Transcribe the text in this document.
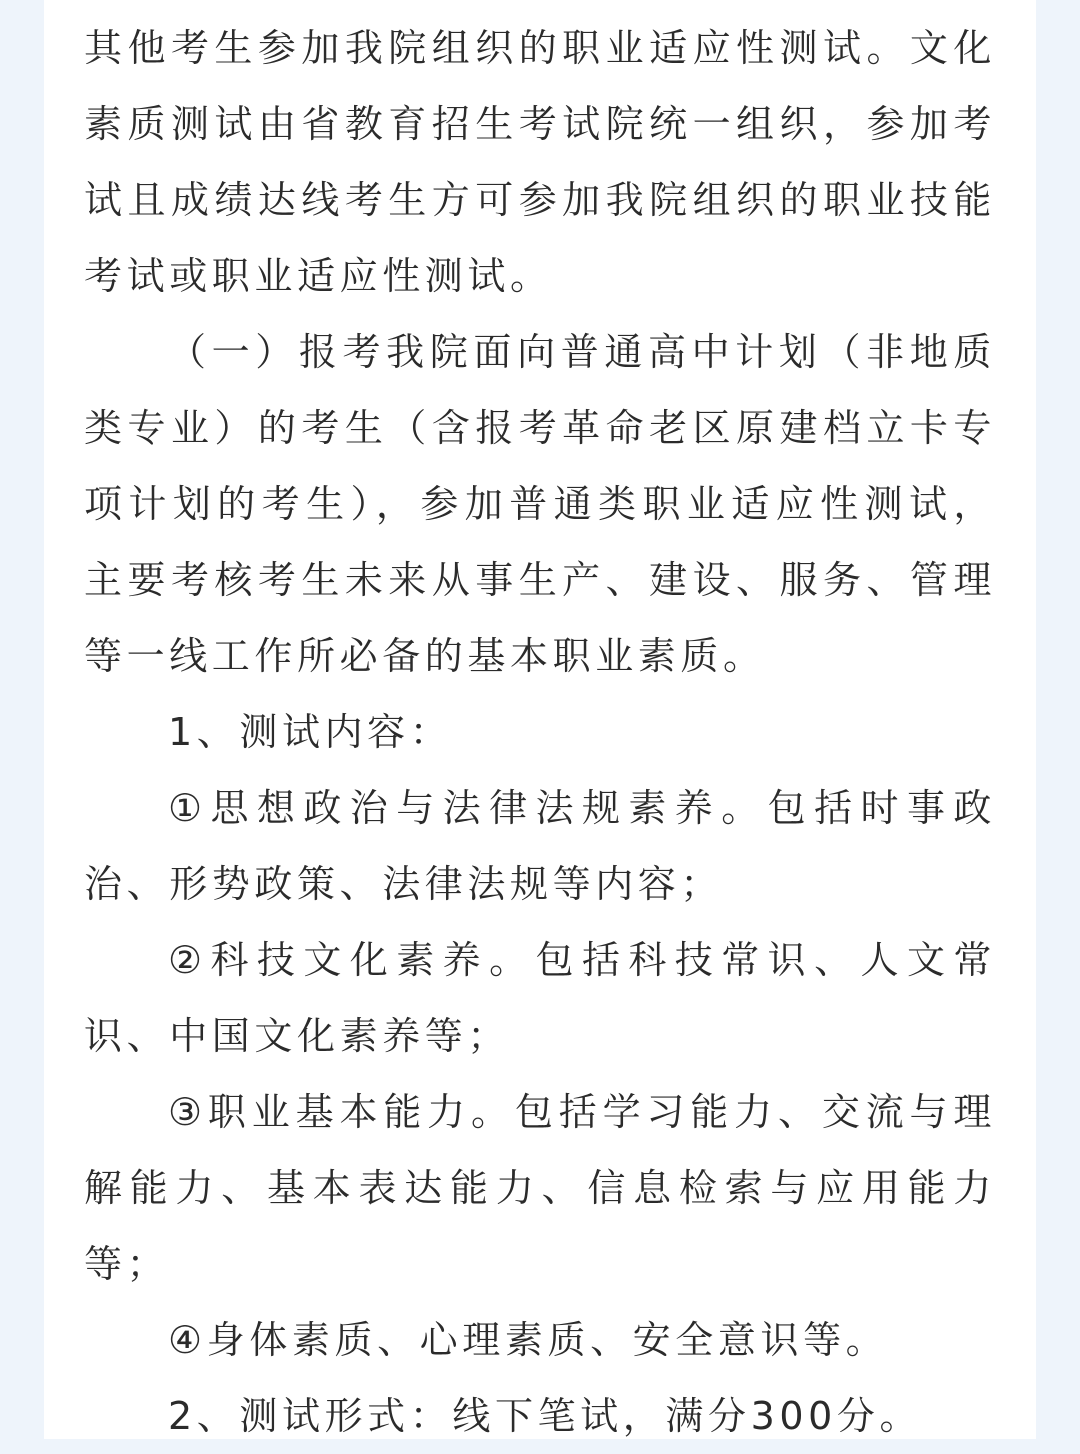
其他考生参加我院组织的职业适应性测试。文化素质测试由省教育招生考试院统一组织，参加考试且成绩达线考生方可参加我院组织的职业技能考试或职业适应性测试。

（一）报考我院面向普通高中计划（非地质类专业）的考生（含报考革命老区原建档立卡专项计划的考生），参加普通类职业适应性测试，主要考核考生未来从事生产、建设、服务、管理等一线工作所必备的基本职业素质。

1、测试内容：

①思想政治与法律法规素养。包括时事政治、形势政策、法律法规等内容；

②科技文化素养。包括科技常识、人文常识、中国文化素养等；

③职业基本能力。包括学习能力、交流与理解能力、基本表达能力、信息检索与应用能力等；

④身体素质、心理素质、安全意识等。

2、测试形式：线下笔试，满分300分。
